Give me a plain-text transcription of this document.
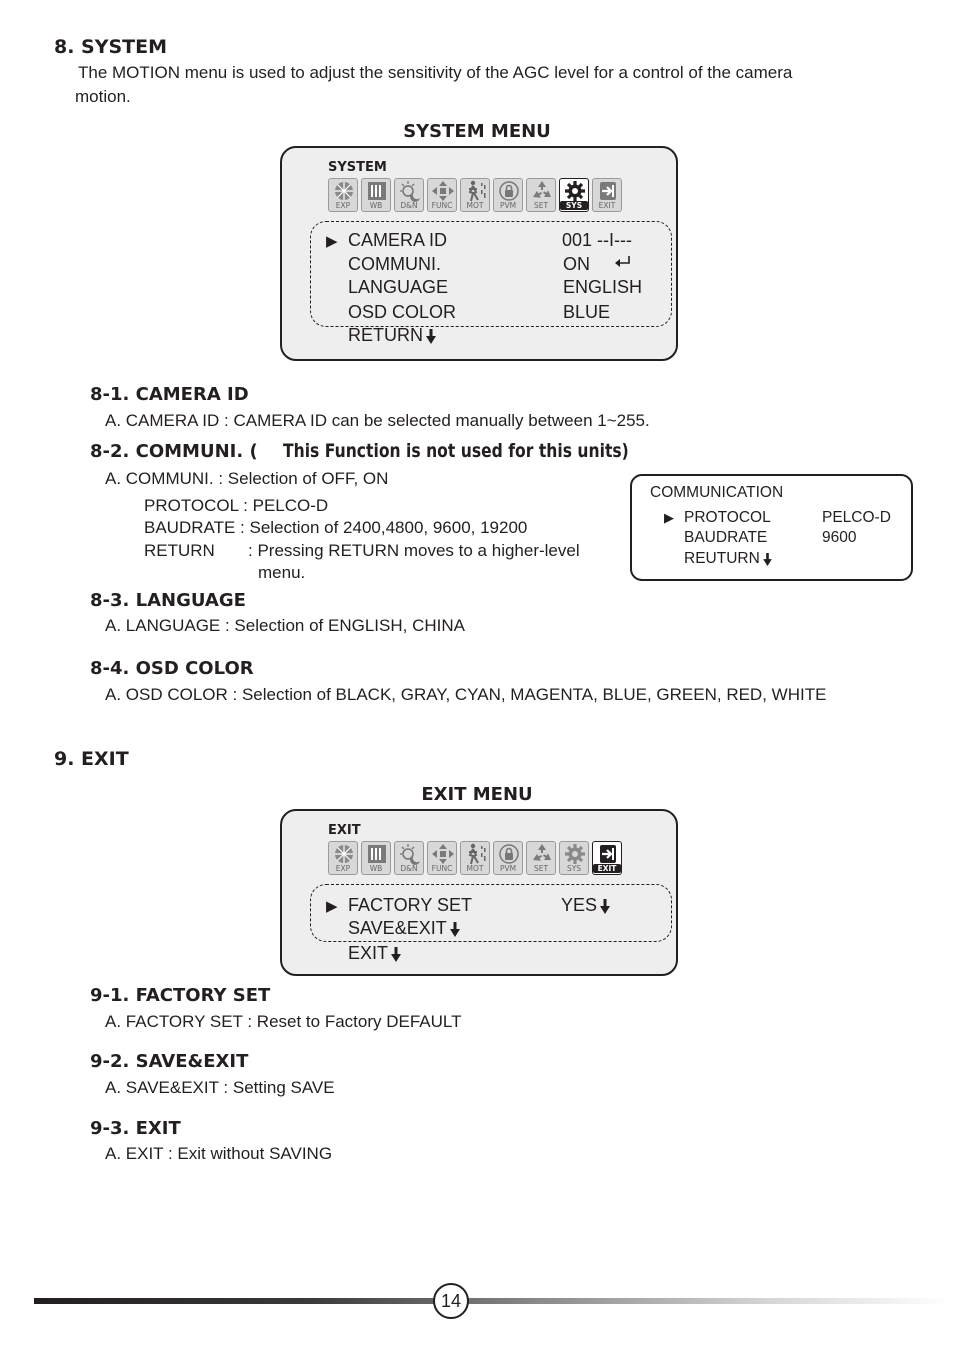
8. SYSTEM
The MOTION menu is used to adjust the sensitivity of the AGC level for a control of the camera
motion.
SYSTEM MENU
SYSTEM
EXP	WB	D&N	FUNC	MOT	PVM	SET	SYS	EXIT
▶ CAMERA ID	001 --I---
COMMUNI.	ON
LANGUAGE	ENGLISH
OSD COLOR	BLUE
RETURN
8-1. CAMERA ID
A. CAMERA ID : CAMERA ID can be selected manually between 1~255.
8-2. COMMUNI. ( This Function is not used for this units)
A. COMMUNI. : Selection of OFF, ON
PROTOCOL : PELCO-D
BAUDRATE : Selection of 2400,4800, 9600, 19200
RETURN : Pressing RETURN moves to a higher-level
menu.
COMMUNICATION
▶ PROTOCOL	PELCO-D
BAUDRATE	9600
REUTURN
8-3. LANGUAGE
A. LANGUAGE : Selection of ENGLISH, CHINA
8-4. OSD COLOR
A. OSD COLOR : Selection of BLACK, GRAY, CYAN, MAGENTA, BLUE, GREEN, RED, WHITE
9. EXIT
EXIT MENU
EXIT
EXP	WB	D&N	FUNC	MOT	PVM	SET	SYS	EXIT
▶ FACTORY SET	YES
SAVE&EXIT
EXIT
9-1. FACTORY SET
A. FACTORY SET : Reset to Factory DEFAULT
9-2. SAVE&EXIT
A. SAVE&EXIT : Setting SAVE
9-3. EXIT
A. EXIT : Exit without SAVING
14
